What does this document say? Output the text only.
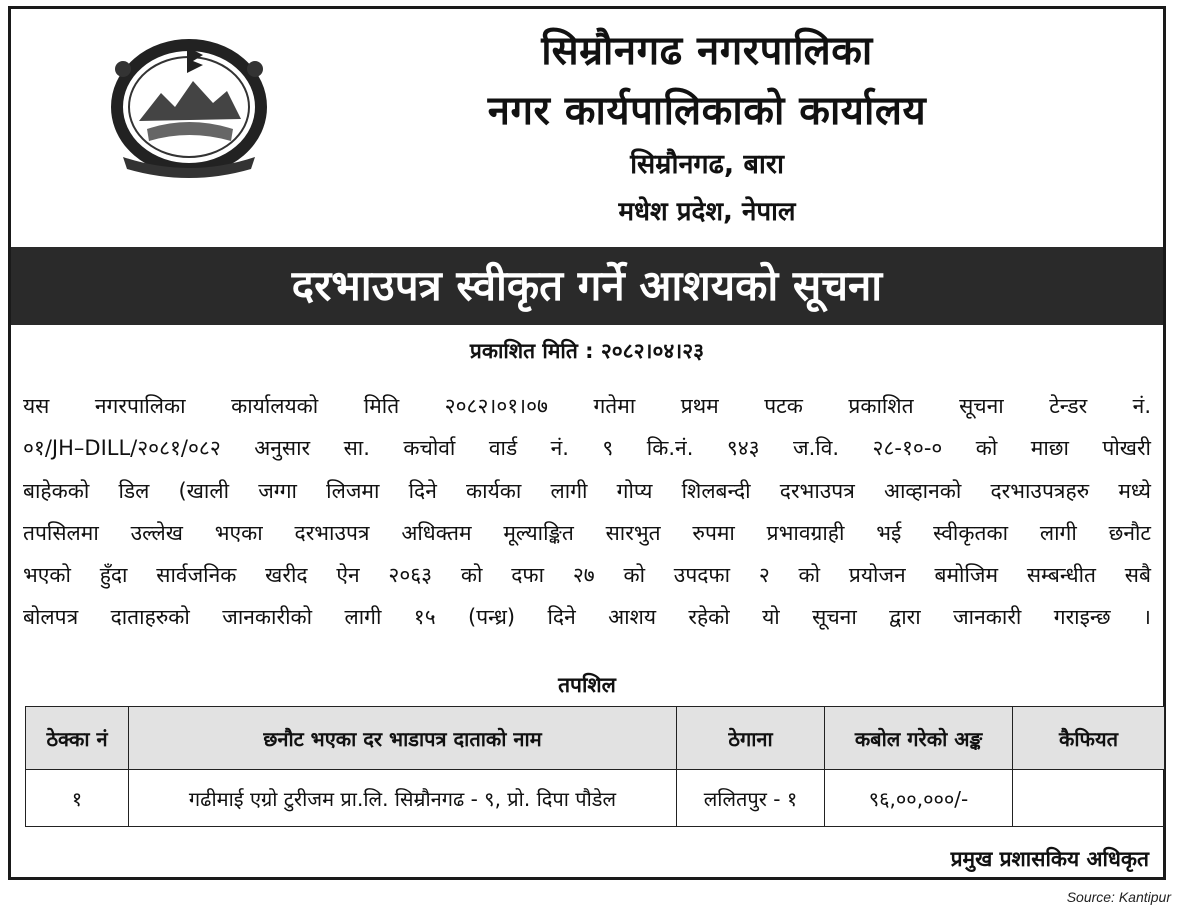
सिम्रौनगढ नगरपालिका
नगर कार्यपालिकाको कार्यालय
सिम्रौनगढ, बारा
मधेश प्रदेश, नेपाल
दरभाउपत्र स्वीकृत गर्ने आशयको सूचना
प्रकाशित मिति : २०८२।०४।२३
यस नगरपालिका कार्यालयको मिति २०८२।०१।०७ गतेमा प्रथम पटक प्रकाशित सूचना टेन्डर नं.
०१/JH–DILL/२०८१/०८२ अनुसार सा. कचोर्वा वार्ड नं. ९ कि.नं. ९४३ ज.वि. २८-१०-० को माछा पोखरी
बाहेकको डिल (खाली जग्गा लिजमा दिने कार्यका लागी गोप्य शिलबन्दी दरभाउपत्र आव्हानको दरभाउपत्रहरु मध्ये
तपसिलमा उल्लेख भएका दरभाउपत्र अधिक्तम मूल्याङ्कित सारभुत रुपमा प्रभावग्राही भई स्वीकृतका लागी छनौट
भएको हुँदा सार्वजनिक खरीद ऐन २०६३ को दफा २७ को उपदफा २ को प्रयोजन बमोजिम सम्बन्धीत सबै
बोलपत्र दाताहरुको जानकारीको लागी १५ (पन्ध्र) दिने आशय रहेको यो सूचना द्वारा जानकारी गराइन्छ ।
तपशिल
ठेक्का नं	छनौट भएका दर भाडापत्र दाताको नाम	ठेगाना	कबोल गरेको अङ्क	कैफियत
१	गढीमाई एग्रो टुरीजम प्रा.लि. सिम्रौनगढ - ९, प्रो. दिपा पौडेल	ललितपुर - १	९६,००,०००/-	
प्रमुख प्रशासकिय अधिकृत
Source: Kantipur
